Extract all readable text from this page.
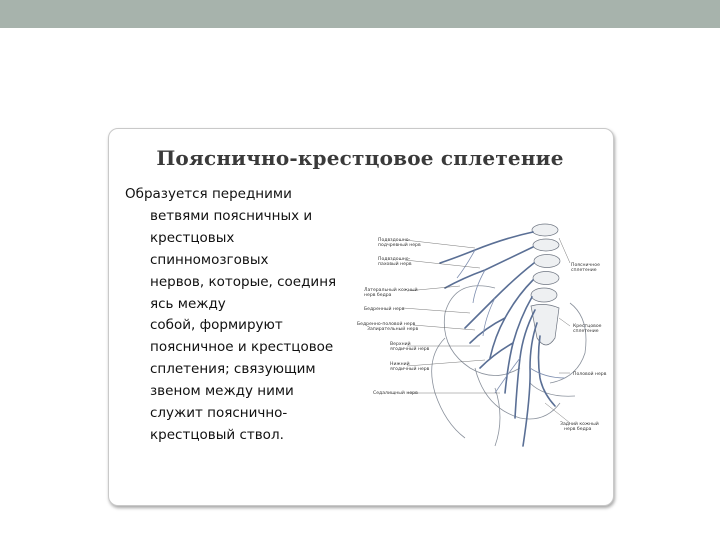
Пояснично-крестцовое сплетение
Образуется передними
ветвями поясничных и
крестцовых
спинномозговых
нервов, которые, соединя
ясь между
собой, формируют
поясничное и крестцовое
сплетения; связующим
звеном между ними
служит пояснично-
крестцовый ствол.
Подвздошно-
подчревный нерв
Подвздошно-
паховый нерв
Латеральный кожный
нерв бедра
Бедренный нерв
Бедренно-половой нерв
Запирательный нерв
Верхний
ягодичный нерв
Нижний
ягодичный нерв
Седалищный нерв
Поясничное
сплетение
Крестцовое
сплетение
Половой нерв
Задний кожный
нерв бедра
